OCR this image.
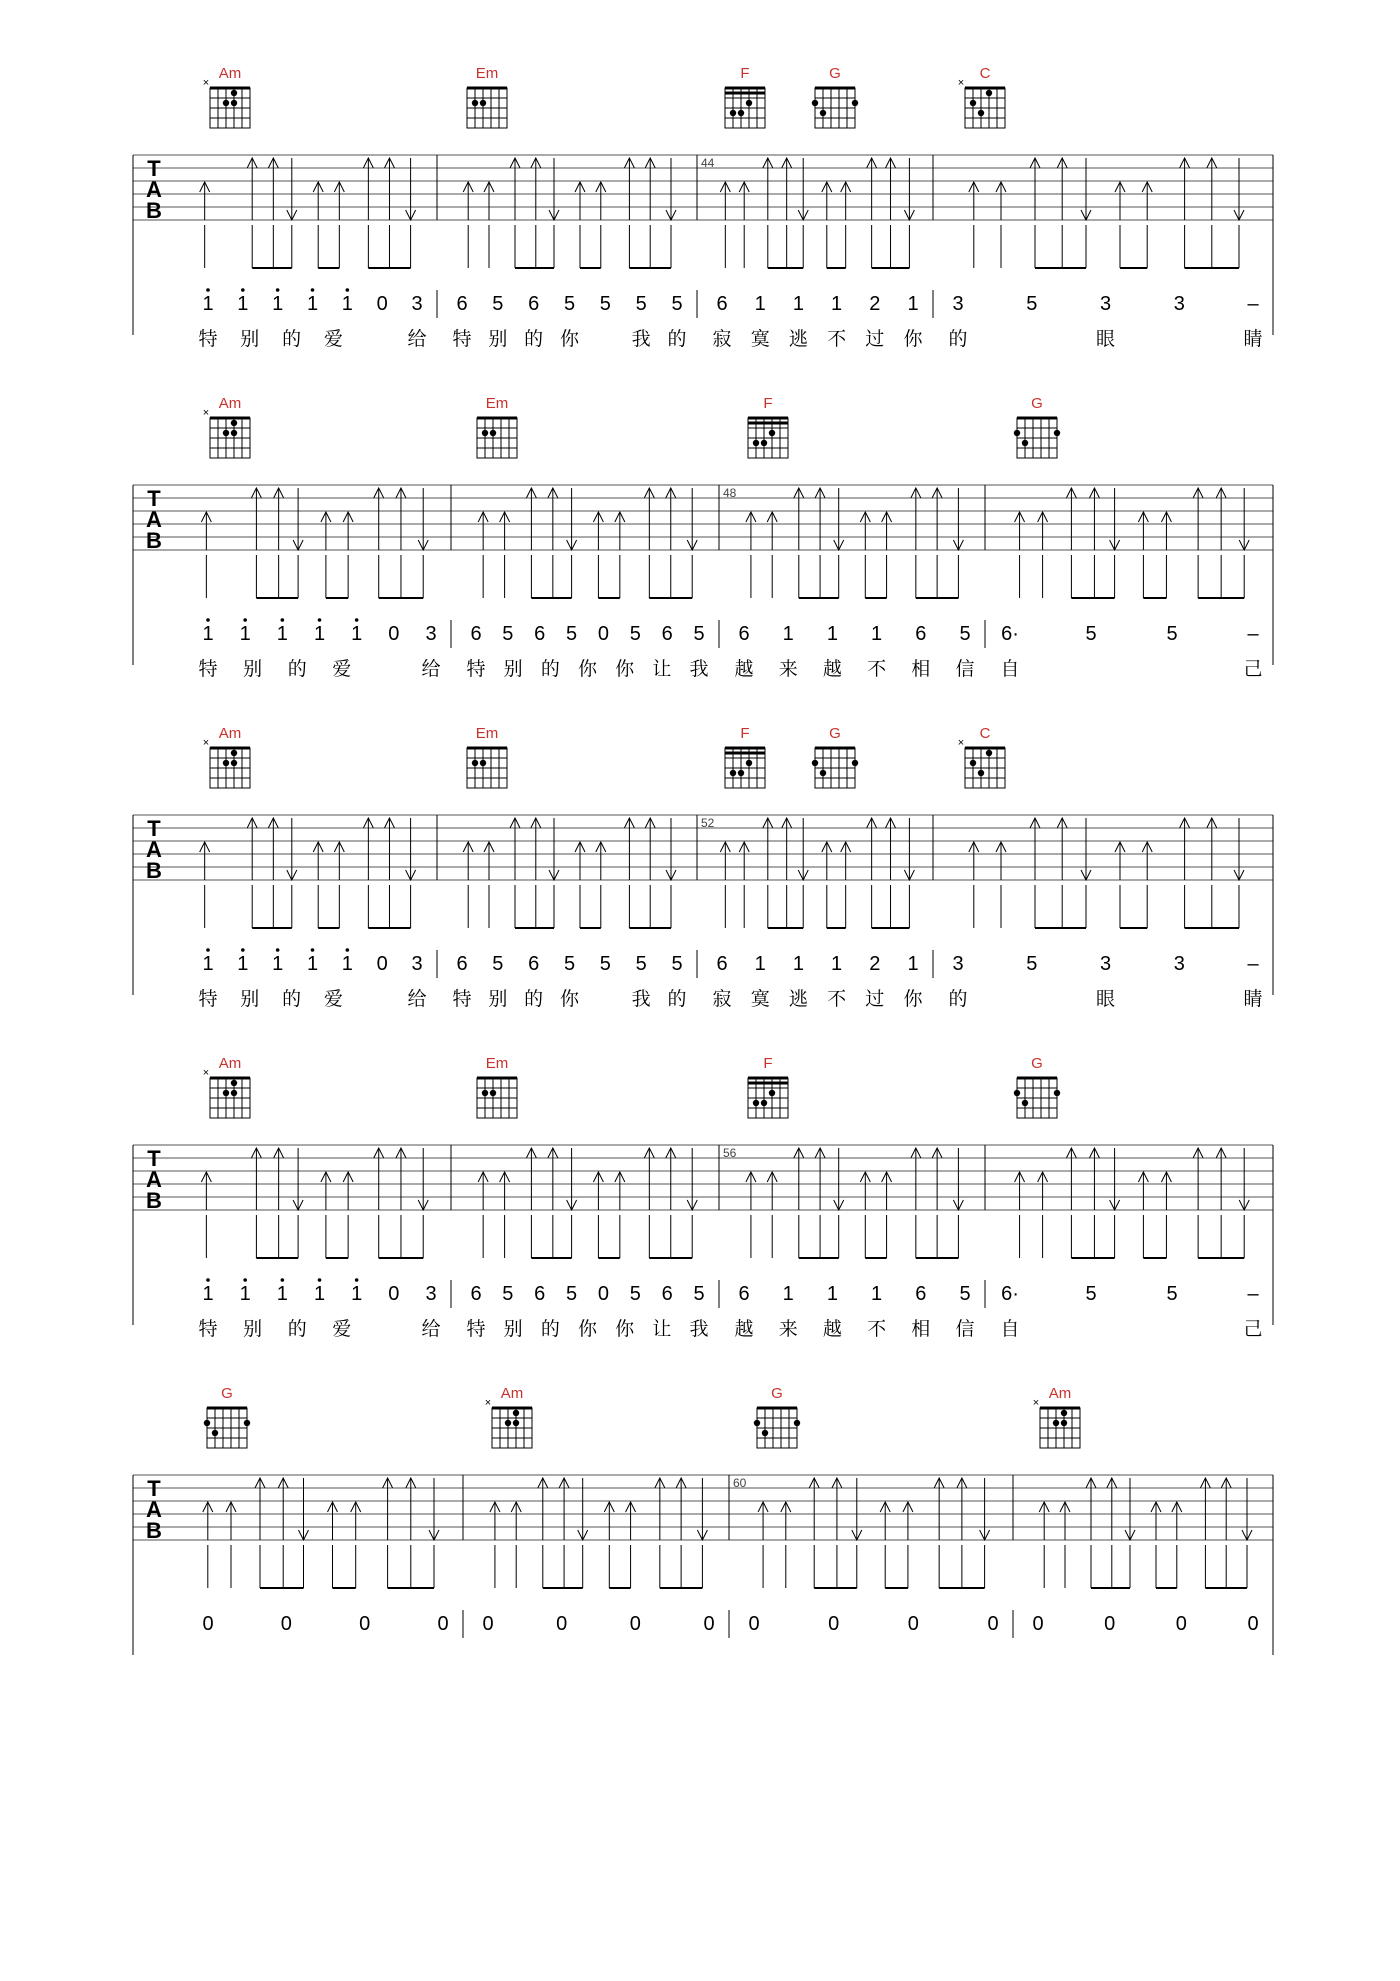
Am
×
Em	F	G	C
×
T
A
B
44
1 1 1 1 1 0 3
特 别 的 爱	给
6 5 6 5 5 5 5
特 别 的 你	我 的
6 1 1 1 2 1
寂 寞 逃 不 过 你
3	5	3	3	–
的	眼	睛
Am
×
Em	F	G
T
A
B
48
1 1 1 1 1 0 3
特 别 的 爱	给
6 5 6 5 0 5 6 5
特 别 的 你 你 让 我
6 1 1 1 6 5
越 来 越 不 相 信
6·	5	5	–
自	己
Am
×
Em	F	G	C
×
T
A
B
52
1 1 1 1 1 0 3
特 别 的 爱	给
6 5 6 5 5 5 5
特 别 的 你	我 的
6 1 1 1 2 1
寂 寞 逃 不 过 你
3	5	3	3	–
的	眼	睛
Am
×
Em	F	G
T
A
B
56
1 1 1 1 1 0 3
特 别 的 爱	给
6 5 6 5 0 5 6 5
特 别 的 你 你 让 我
6 1 1 1 6 5
越 来 越 不 相 信
6·	5	5	–
自	己
G	Am
×
G	Am
×
T
A
B
60
0	0	0	0 0	0	0	0 0	0	0	0 0	0	0	0
